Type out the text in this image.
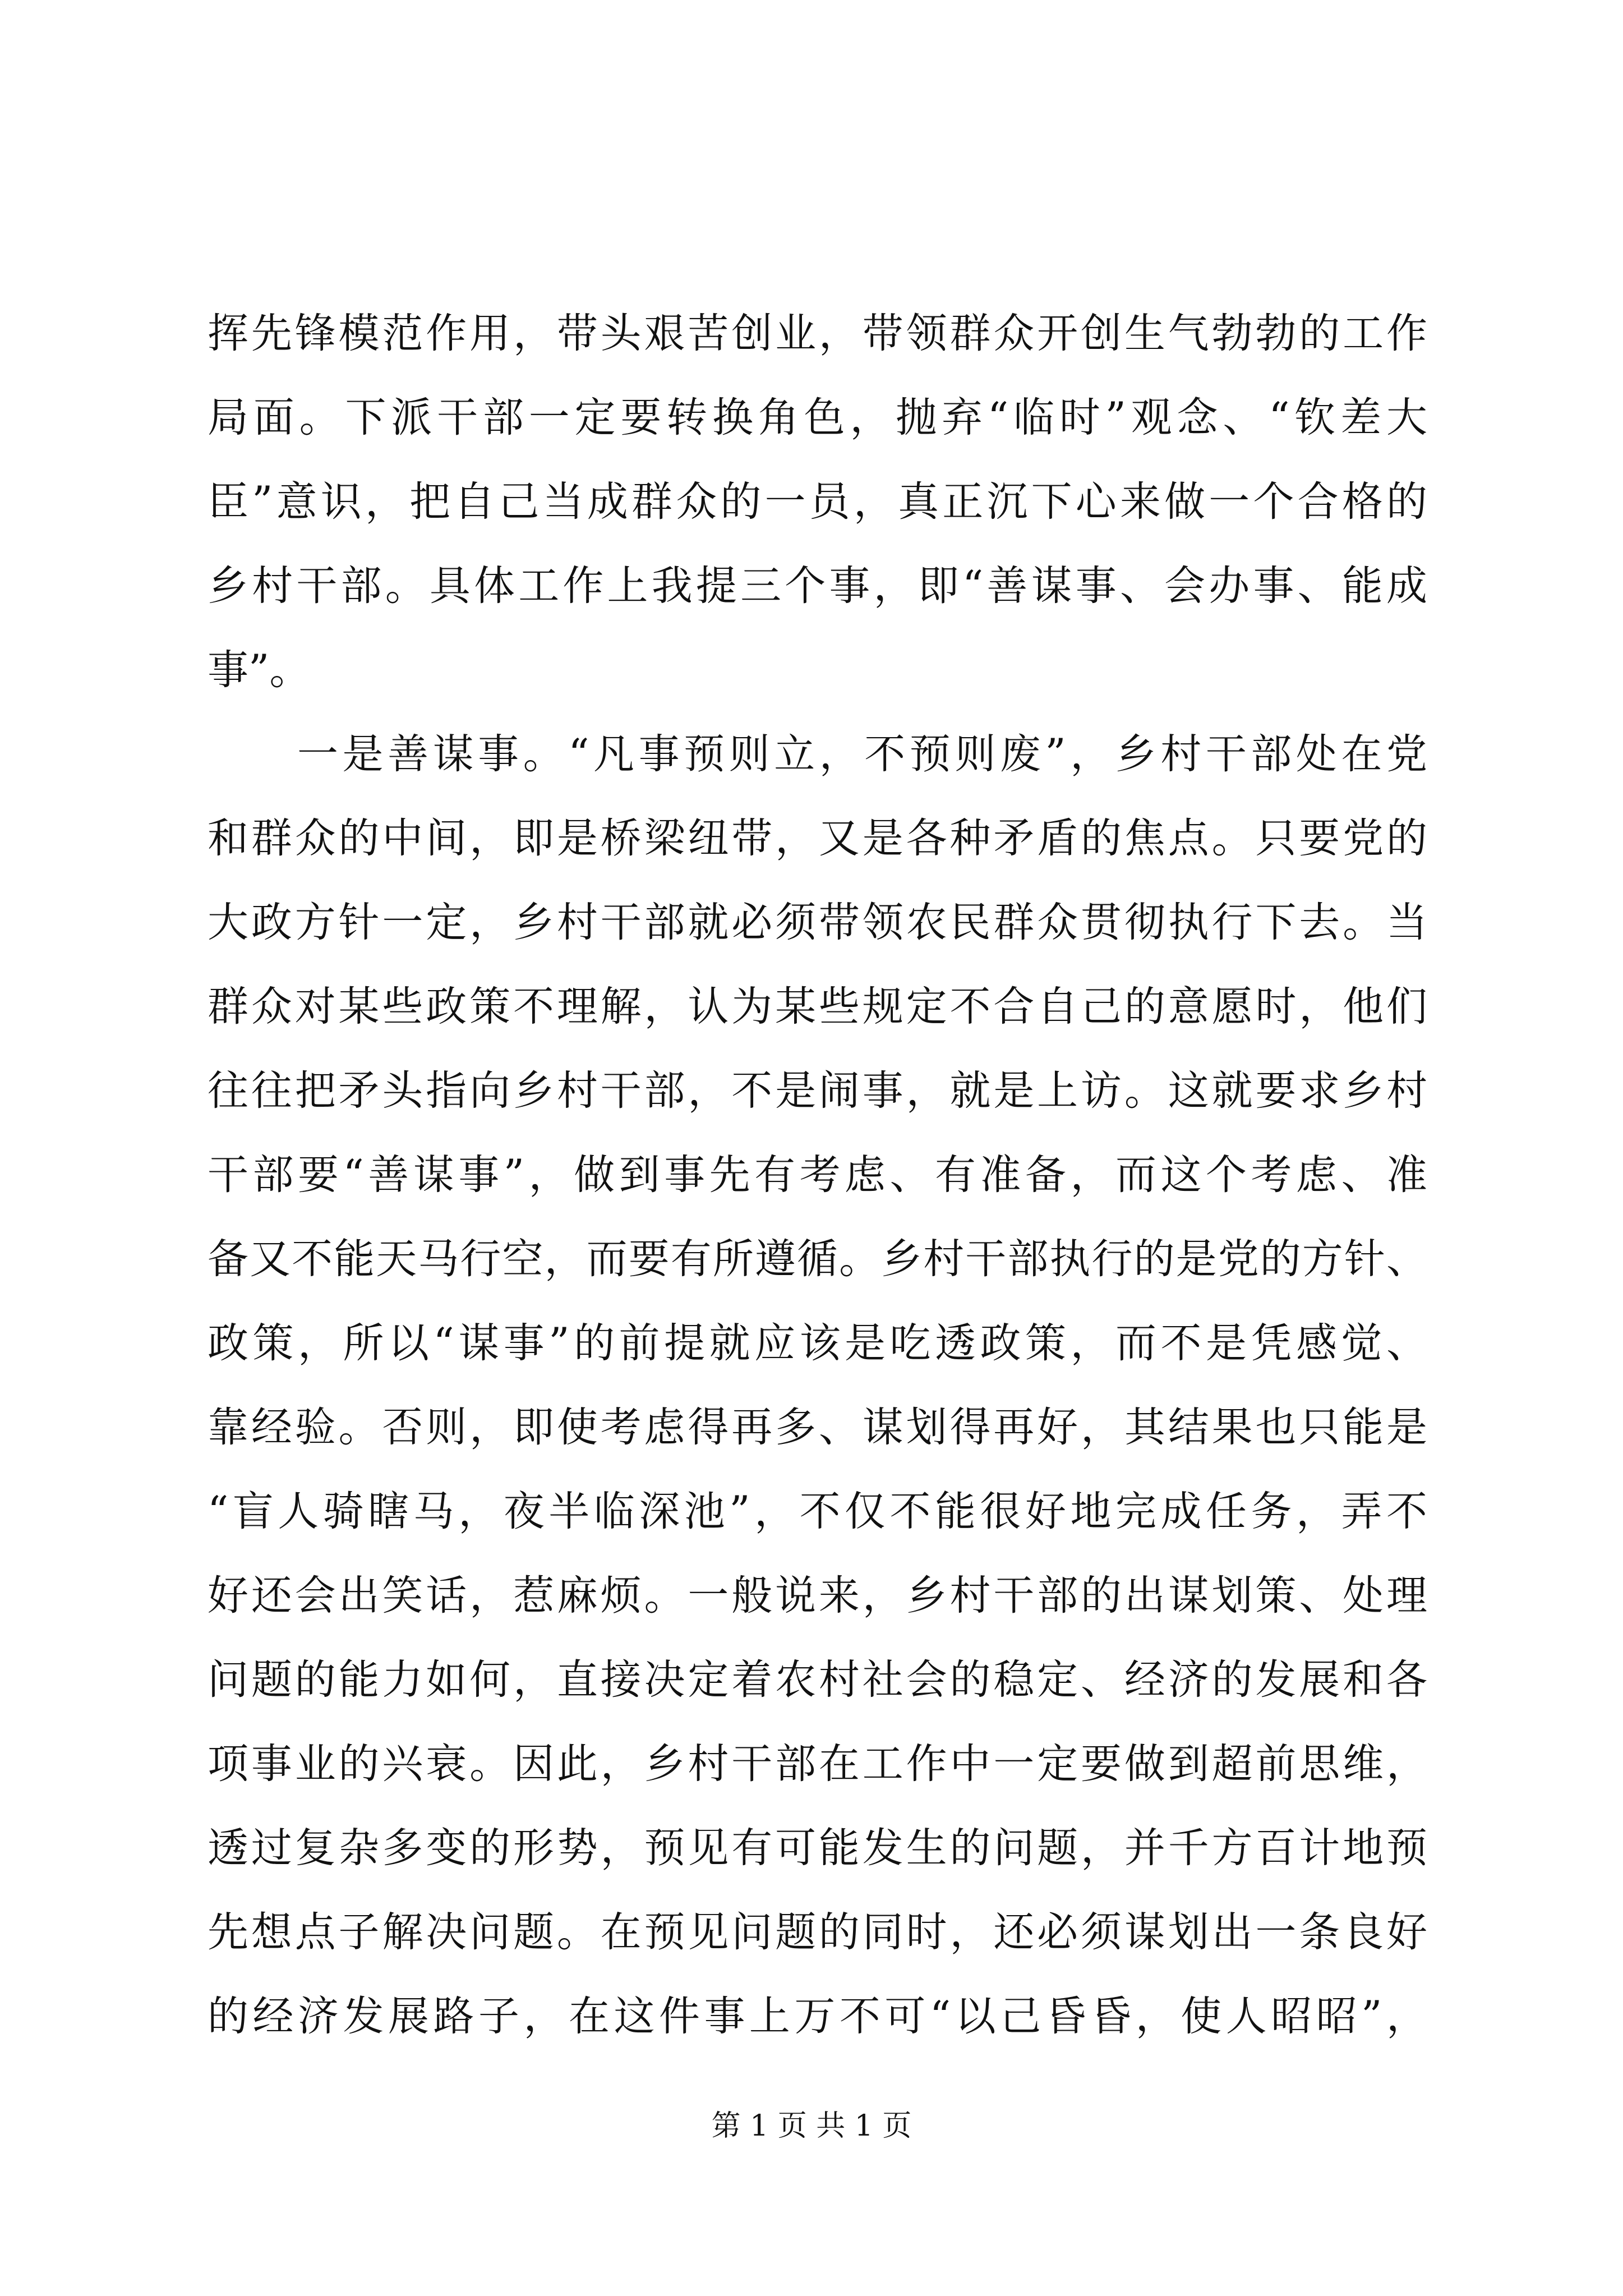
挥先锋模范作用，带头艰苦创业，带领群众开创生气勃勃的工作
局面。下派干部一定要转换角色，抛弃“临时”观念、“钦差大
臣”意识，把自己当成群众的一员，真正沉下心来做一个合格的
乡村干部。具体工作上我提三个事，即“善谋事、会办事、能成
事”。
一是善谋事。“凡事预则立，不预则废”，乡村干部处在党
和群众的中间，即是桥梁纽带，又是各种矛盾的焦点。只要党的
大政方针一定，乡村干部就必须带领农民群众贯彻执行下去。当
群众对某些政策不理解，认为某些规定不合自己的意愿时，他们
往往把矛头指向乡村干部，不是闹事，就是上访。这就要求乡村
干部要“善谋事”，做到事先有考虑、有准备，而这个考虑、准
备又不能天马行空，而要有所遵循。乡村干部执行的是党的方针、
政策，所以“谋事”的前提就应该是吃透政策，而不是凭感觉、
靠经验。否则，即使考虑得再多、谋划得再好，其结果也只能是
“盲人骑瞎马，夜半临深池”，不仅不能很好地完成任务，弄不
好还会出笑话，惹麻烦。一般说来，乡村干部的出谋划策、处理
问题的能力如何，直接决定着农村社会的稳定、经济的发展和各
项事业的兴衰。因此，乡村干部在工作中一定要做到超前思维，
透过复杂多变的形势，预见有可能发生的问题，并千方百计地预
先想点子解决问题。在预见问题的同时，还必须谋划出一条良好
的经济发展路子，在这件事上万不可“以己昏昏，使人昭昭”，
第 1 页 共 1 页
